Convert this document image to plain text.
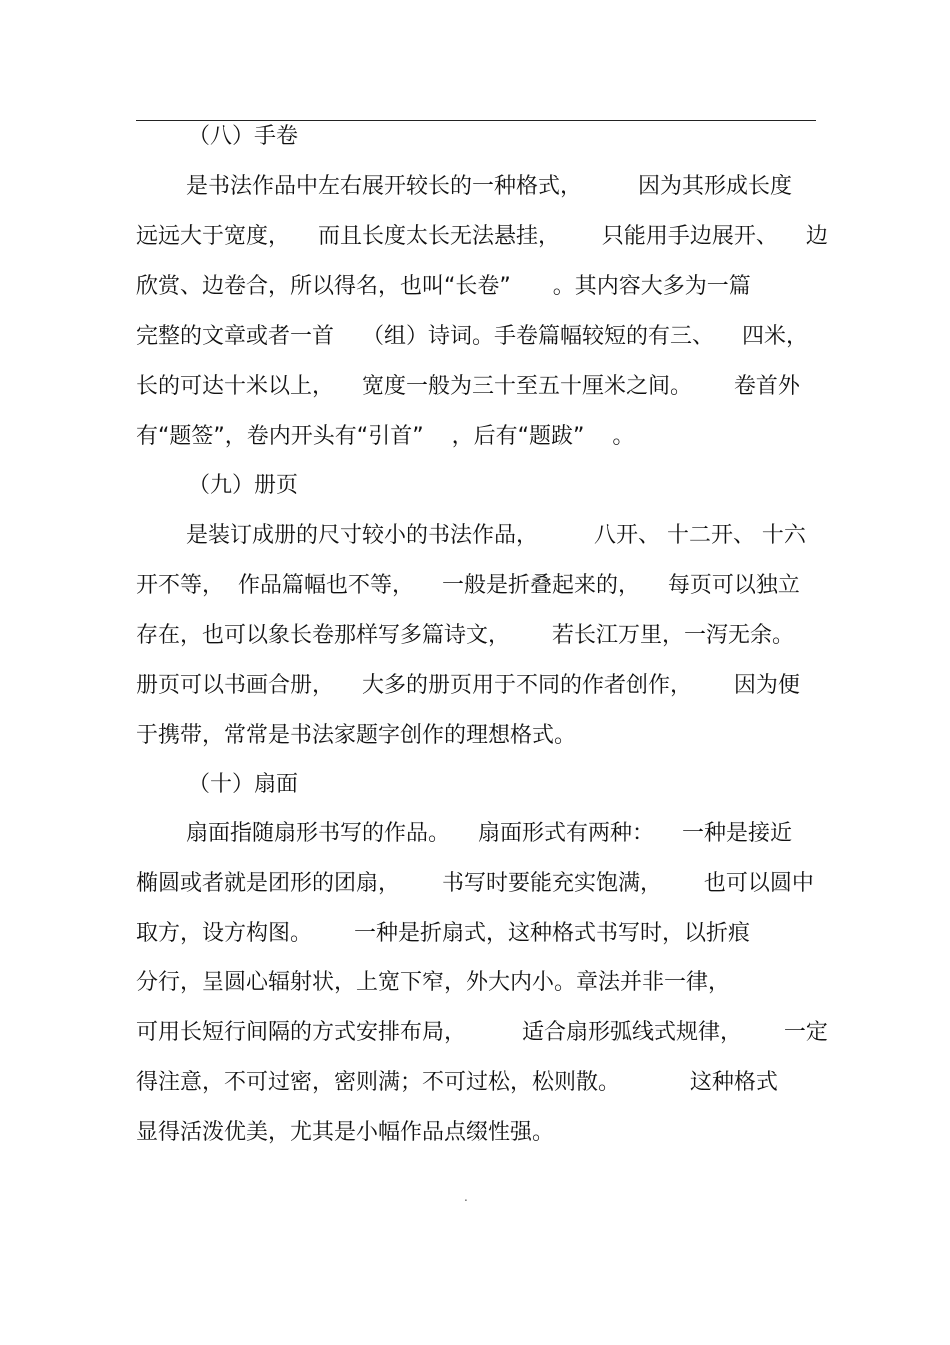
（八）手卷
是书法作品中左右展开较长的一种格式，        因为其形成长度
远远大于宽度，    而且长度太长无法悬挂，      只能用手边展开、    边
欣赏、边卷合，所以得名，也叫“长卷”      。其内容大多为一篇
完整的文章或者一首    （组）诗词。手卷篇幅较短的有三、    四米，
长的可达十米以上，    宽度一般为三十至五十厘米之间。      卷首外
有“题签”，卷内开头有“引首”    ，后有“题跋”    。
（九）册页
是装订成册的尺寸较小的书法作品，        八开、 十二开、 十六
开不等，  作品篇幅也不等，    一般是折叠起来的，    每页可以独立
存在，也可以象长卷那样写多篇诗文，      若长江万里，一泻无余。
册页可以书画合册，    大多的册页用于不同的作者创作，      因为便
于携带，常常是书法家题字创作的理想格式。
（十）扇面
扇面指随扇形书写的作品。    扇面形式有两种：    一种是接近
椭圆或者就是团形的团扇，      书写时要能充实饱满，      也可以圆中
取方，设方构图。      一种是折扇式，这种格式书写时，以折痕
分行，呈圆心辐射状，上宽下窄，外大内小。章法并非一律，
可用长短行间隔的方式安排布局，        适合扇形弧线式规律，      一定
得注意，不可过密，密则满；不可过松，松则散。          这种格式
显得活泼优美，尤其是小幅作品点缀性强。
.
